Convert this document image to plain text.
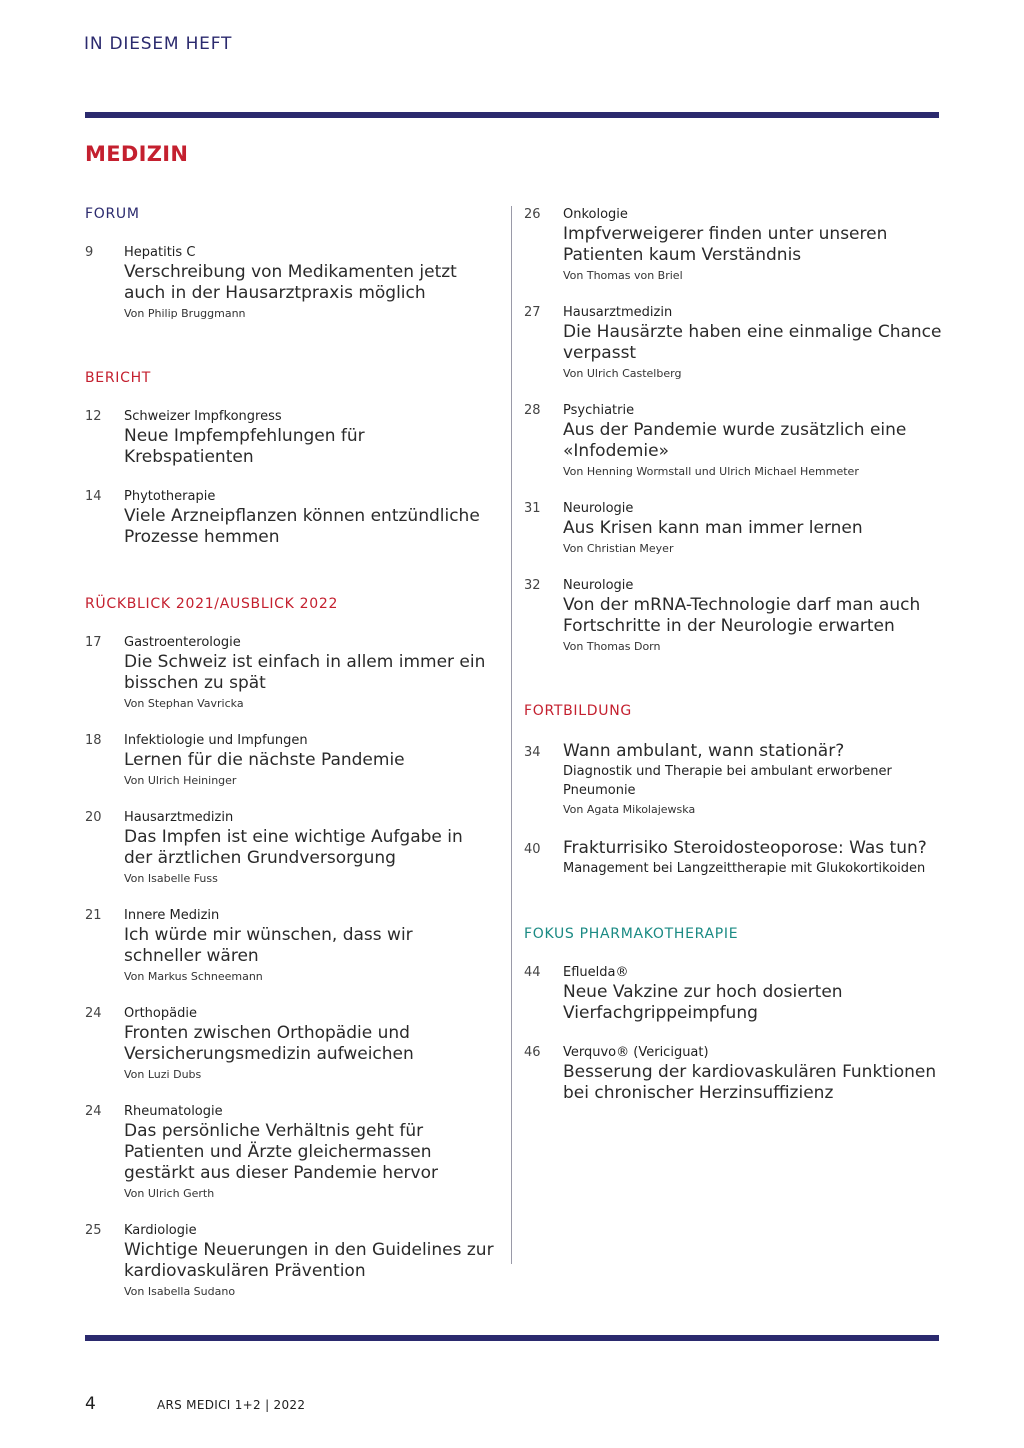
IN DIESEM HEFT
MEDIZIN
FORUM
9 Hepatitis C
Verschreibung von Medikamenten jetzt auch in der Hausarztpraxis möglich
Von Philip Bruggmann
BERICHT
12 Schweizer Impfkongress
Neue Impfempfehlungen für Krebspatienten
14 Phytotherapie
Viele Arzneipflanzen können entzündliche Prozesse hemmen
RÜCKBLICK 2021/AUSBLICK 2022
17 Gastroenterologie
Die Schweiz ist einfach in allem immer ein bisschen zu spät
Von Stephan Vavricka
18 Infektiologie und Impfungen
Lernen für die nächste Pandemie
Von Ulrich Heininger
20 Hausarztmedizin
Das Impfen ist eine wichtige Aufgabe in der ärztlichen Grundversorgung
Von Isabelle Fuss
21 Innere Medizin
Ich würde mir wünschen, dass wir schneller wären
Von Markus Schneemann
24 Orthopädie
Fronten zwischen Orthopädie und Versicherungsmedizin aufweichen
Von Luzi Dubs
24 Rheumatologie
Das persönliche Verhältnis geht für Patienten und Ärzte gleichermassen gestärkt aus dieser Pandemie hervor
Von Ulrich Gerth
25 Kardiologie
Wichtige Neuerungen in den Guidelines zur kardiovaskulären Prävention
Von Isabella Sudano
26 Onkologie
Impfverweigerer finden unter unseren Patienten kaum Verständnis
Von Thomas von Briel
27 Hausarztmedizin
Die Hausärzte haben eine einmalige Chance verpasst
Von Ulrich Castelberg
28 Psychiatrie
Aus der Pandemie wurde zusätzlich eine «Infodemie»
Von Henning Wormstall und Ulrich Michael Hemmeter
31 Neurologie
Aus Krisen kann man immer lernen
Von Christian Meyer
32 Neurologie
Von der mRNA-Technologie darf man auch Fortschritte in der Neurologie erwarten
Von Thomas Dorn
FORTBILDUNG
34 Wann ambulant, wann stationär?
Diagnostik und Therapie bei ambulant erworbener Pneumonie
Von Agata Mikolajewska
40 Frakturrisiko Steroidosteoporose: Was tun?
Management bei Langzeittherapie mit Glukokortikoiden
FOKUS PHARMAKOTHERAPIE
44 Efluelda®
Neue Vakzine zur hoch dosierten Vierfachgrippeimpfung
46 Verquvo® (Vericiguat)
Besserung der kardiovaskulären Funktionen bei chronischer Herzinsuffizienz
4	ARS MEDICI 1+2 | 2022
